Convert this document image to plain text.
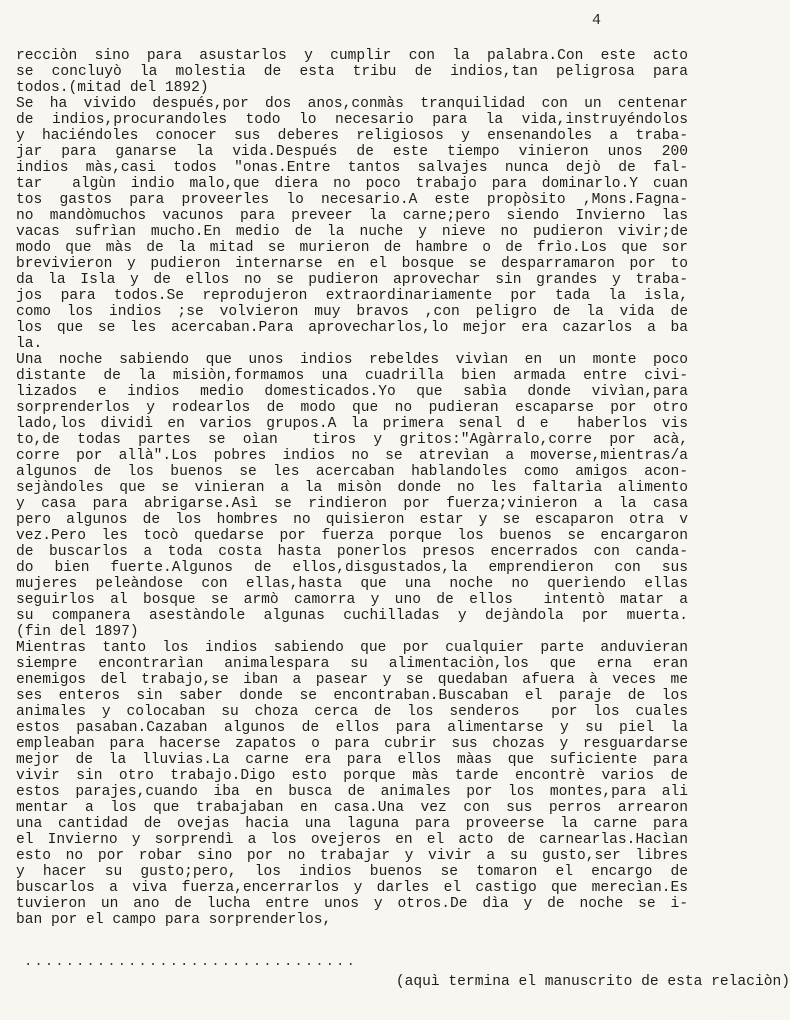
4
recciòn sino para asustarlos y cumplir con la palabra.Con este acto
se concluyò la molestia de esta tribu de indios,tan peligrosa para
todos.(mitad del 1892)
Se ha vivido después,por dos anos,conmàs tranquilidad con un centenar
de indios,procurandoles todo lo necesario para la vida,instruyéndolos
y haciéndoles conocer sus deberes religiosos y ensenandoles a traba-
jar para ganarse la vida.Después de este tiempo vinieron unos 200
indios màs,casi todos "onas.Entre tantos salvajes nunca dejò de fal-
tar  algùn indio malo,que diera no poco trabajo para dominarlo.Y cuan
tos gastos para proveerles lo necesario.A este propòsito ,Mons.Fagna-
no mandòmuchos vacunos para preveer la carne;pero siendo Invierno las
vacas sufrìan mucho.En medio de la nuche y nieve no pudieron vivir;de
modo que màs de la mitad se murieron de hambre o de frìo.Los que sor
brevivieron y pudieron internarse en el bosque se desparramaron por to
da la Isla y de ellos no se pudieron aprovechar sin grandes y traba-
jos para todos.Se reprodujeron extraordinariamente por tada la isla,
como los indios ;se volvieron muy bravos ,con peligro de la vida de
los que se les acercaban.Para aprovecharlos,lo mejor era cazarlos a ba
la.
Una noche sabiendo que unos indios rebeldes vivìan en un monte poco
distante de la misiòn,formamos una cuadrilla bien armada entre civi-
lizados e indios medio domesticados.Yo que sabìa donde vivìan,para
sorprenderlos y rodearlos de modo que no pudieran escaparse por otro
lado,los dividì en varios grupos.A la primera senal d e  haberlos vis
to,de todas partes se oìan  tiros y gritos:"Agàrralo,corre por acà,
corre por allà".Los pobres indios no se atrevìan a moverse,mientras/a
algunos de los buenos se les acercaban hablandoles como amigos acon-
sejàndoles que se vinieran a la misòn donde no les faltarìa alimento
y casa para abrigarse.Asì se rindieron por fuerza;vinieron a la casa
pero algunos de los hombres no quisieron estar y se escaparon otra v
vez.Pero les tocò quedarse por fuerza porque los buenos se encargaron
de buscarlos a toda costa hasta ponerlos presos encerrados con canda-
do bien fuerte.Algunos de ellos,disgustados,la emprendieron con sus
mujeres peleàndose con ellas,hasta que una noche no querìendo ellas
seguirlos al bosque se armò camorra y uno de ellos  intentò matar a
su companera asestàndole algunas cuchilladas y dejàndola por muerta.
(fin del 1897)
Mientras tanto los indios sabiendo que por cualquier parte anduvieran
siempre encontrarìan animalespara su alimentaciòn,los que erna eran
enemigos del trabajo,se iban a pasear y se quedaban afuera à veces me
ses enteros sin saber donde se encontraban.Buscaban el paraje de los
animales y colocaban su choza cerca de los senderos  por los cuales
estos pasaban.Cazaban algunos de ellos para alimentarse y su piel la
empleaban para hacerse zapatos o para cubrir sus chozas y resguardarse
mejor de la lluvias.La carne era para ellos màas que suficiente para
vivir sin otro trabajo.Digo esto porque màs tarde encontrè varios de
estos parajes,cuando iba en busca de animales por los montes,para ali
mentar a los que trabajaban en casa.Una vez con sus perros arrearon
una cantidad de ovejas hacia una laguna para proveerse la carne para
el Invierno y sorprendì a los ovejeros en el acto de carnearlas.Hacìan
esto no por robar sino por no trabajar y vivir a su gusto,ser libres
y hacer su gusto;pero, los indios buenos se tomaron el encargo de
buscarlos a viva fuerza,encerrarlos y darles el castigo que merecìan.Es
tuvieron un ano de lucha entre unos y otros.De dìa y de noche se i-
ban por el campo para sorprenderlos,
................................

(aquì termina el manuscrito de esta relaciòn)
